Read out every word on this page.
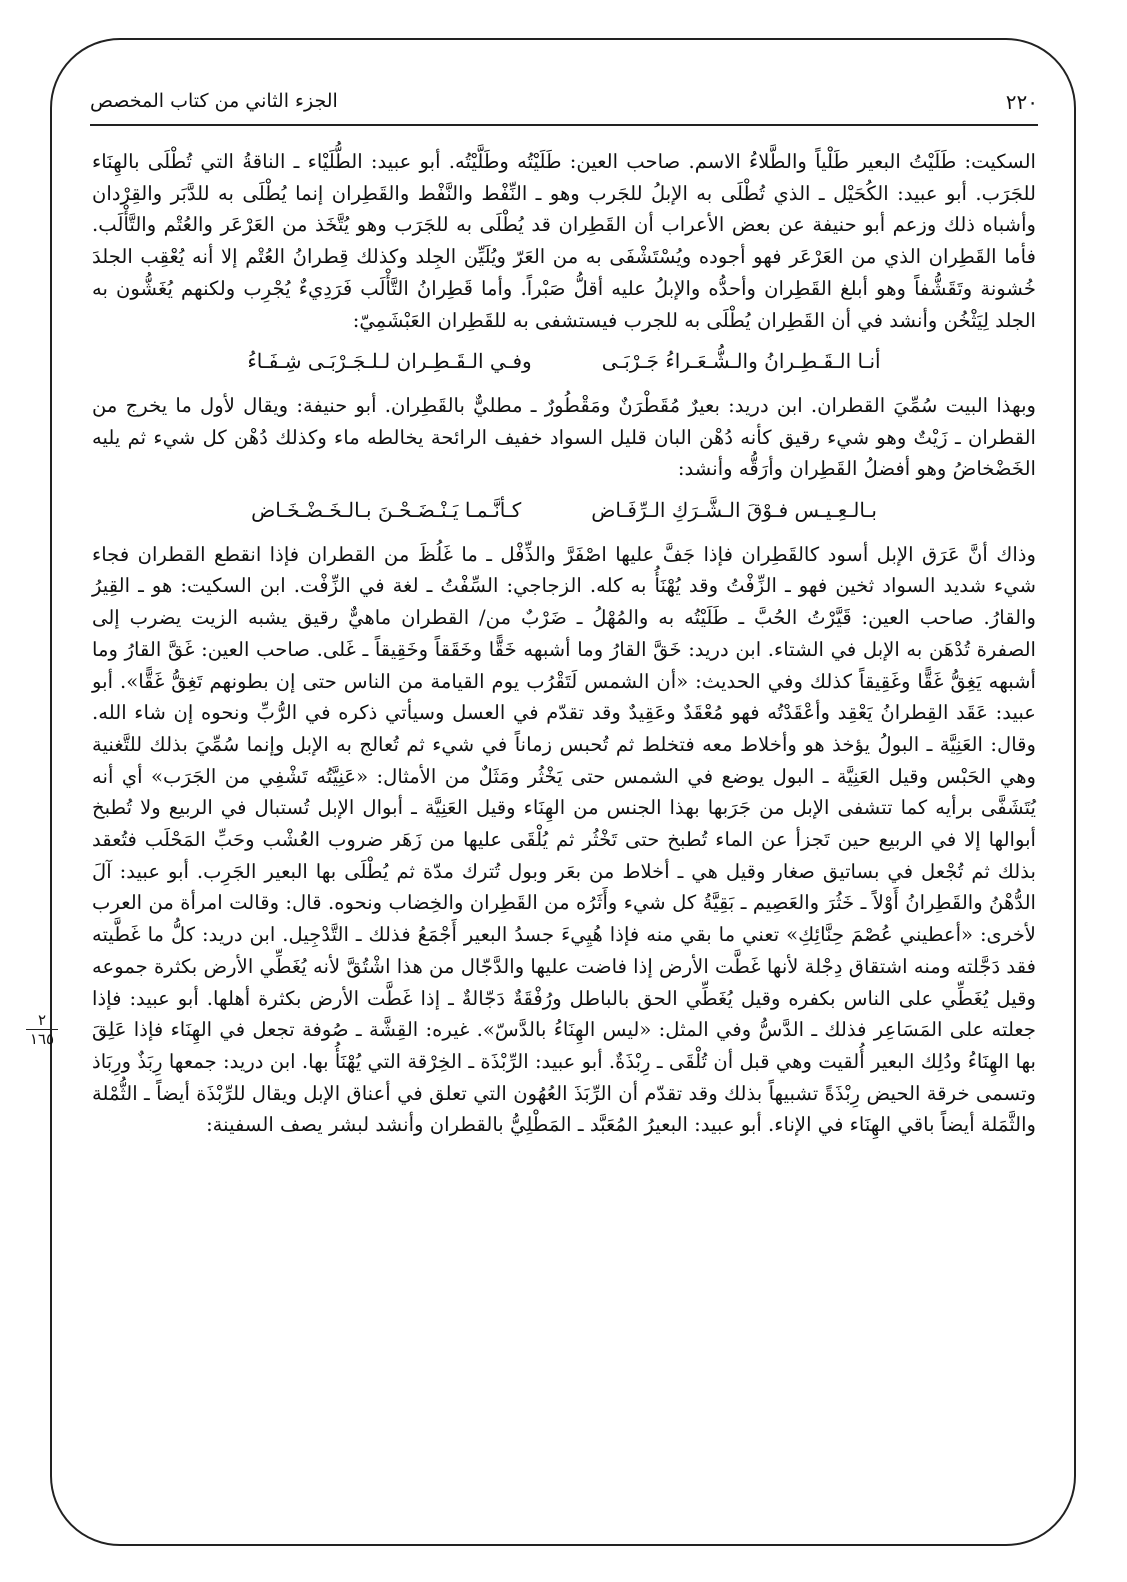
٢٢٠
الجزء الثاني من كتاب المخصص
٢
١٦٥

السكيت: طَلَيْتُ البعير طَلْياً والطَّلاءُ الاسم. صاحب العين: طَلَيْتُه وطَلَّيْتُه. أبو عبيد: الطُّلَيْاء ـ الناقةُ التي تُطْلَى بالهِنَاء للجَرَب. أبو عبيد: الكُحَيْل ـ الذي تُطْلَى به الإبلُ للجَرب وهو ـ النِّفْط والنَّفْط والقَطِران إنما يُطْلَى به للدَّبَر والقِرْدان وأشباه ذلك وزعم أبو حنيفة عن بعض الأعراب أن القَطِران قد يُطْلَى به للجَرَب وهو يُتَّخَذ من العَرْعَر والعُتْم والتَّأْلَب. فأما القَطِران الذي من العَرْعَر فهو أجوده ويُسْتَشْفَى به من العَرّ ويُلَيِّن الجِلد وكذلك قِطرانُ العُتْم إلا أنه يُعْقِب الجلدَ خُشونة وتَقَشُّفاً وهو أبلغ القَطِران وأحدُّه والإبلُ عليه أقلُّ صَبْراً. وأما قَطِرانُ التَّأْلَب فَرَدِيءٌ يُجْرِب ولكنهم يُغَشُّون به الجلد لِيَثْخُن وأنشد في أن القَطِران يُطْلَى به للجرب فيستشفى به للقَطِران العَبْشَمِيّ:

أنـا الـقَـطِـرانُ والـشُّـعَـراءُ جَـرْبَـى
وفـي الـقَـطِـران لـلـجَـرْبَـى شِـفَـاءُ

وبهذا البيت سُمِّيَ القطران. ابن دريد: بعيرٌ مُقَطْرَنٌ ومَقْطُورٌ ـ مطليٌّ بالقَطِران. أبو حنيفة: ويقال لأول ما يخرج من القطران ـ زَيْتٌ وهو شيء رقيق كأنه دُهْن البان قليل السواد خفيف الرائحة يخالطه ماء وكذلك دُهْن كل شيء ثم يليه الخَضْخاضُ وهو أفضلُ القَطِران وأرَقُّه وأنشد:

بـالـعِـيـس فـوْقَ الـشَّـرَكِ الـرِّفَـاض
كـأنَّـمـا يَـنْـضَـحْـنَ بـالـخَـضْـخَـاض

وذاك أنَّ عَرَق الإبل أسود كالقَطِران فإذا جَفَّ عليها اصْفَرَّ والذِّفْل ـ ما غَلُظَ من القطران فإذا انقطع القطران فجاء شيء شديد السواد ثخين فهو ـ الزِّفْتُ وقد يُهْنَأُ به كله. الزجاجي: السِّفْتُ ـ لغة في الزِّفْت. ابن السكيت: هو ـ القِيرُ والقارُ. صاحب العين: قَيَّرْتُ الحُبَّ ـ طَلَيْتُه به والمُهْلُ ـ ضَرْبٌ من/ القطران ماهيٌّ رقيق يشبه الزيت يضرب إلى الصفرة تُدْهَن به الإبل في الشتاء. ابن دريد: خَقَّ القارُ وما أشبهه خَقًّا وخَقَقاً وخَقِيقاً ـ غَلى. صاحب العين: غَقَّ القارُ وما أشبهه يَغِقُّ غَقًّا وغَقِيقاً كذلك وفي الحديث: «أن الشمس لَتَقْرُب يوم القيامة من الناس حتى إن بطونهم تَغِقُّ غَقًّا». أبو عبيد: عَقَد القِطرانُ يَعْقِد وأعْقَدْتُه فهو مُعْقَدٌ وعَقِيدٌ وقد تقدّم في العسل وسيأتي ذكره في الرُّبِّ ونحوه إن شاء الله. وقال: العَنِيَّة ـ البولُ يؤخذ هو وأخلاط معه فتخلط ثم تُحبس زماناً في شيء ثم تُعالج به الإبل وإنما سُمِّيَ بذلك للتَّغنية وهي الحَبْس وقيل العَنِيَّة ـ البول يوضع في الشمس حتى يَخْثُر ومَثَلٌ من الأمثال: «عَنِيَّتُه تَشْفِي من الجَرَب» أي أنه يُتَشَفَّى برأيه كما تتشفى الإبل من جَرَبها بهذا الجنس من الهِنَاء وقيل العَنِيَّة ـ أبوال الإبل تُستبال في الربيع ولا تُطبخ أبوالها إلا في الربيع حين تَجزأ عن الماء تُطبخ حتى تَخْثُر ثم يُلْقَى عليها من زَهَر ضروب العُشْب وحَبِّ المَحْلَب فتُعقد بذلك ثم تُجْعل في بساتيق صغار وقيل هي ـ أخلاط من بعَر وبول تُترك مدّة ثم يُطْلَى بها البعير الجَرِب. أبو عبيد: آلَ الدُّهْنُ والقَطِرانُ أَوْلاً ـ خَثُرَ والعَصِيم ـ بَقِيَّةُ كل شيء وأَثَرُه من القَطِران والخِضاب ونحوه. قال: وقالت امرأة من العرب لأخرى: «أعطيني عُصْمَ حِنَّائِكِ» تعني ما بقي منه فإذا هُيِيءَ جسدُ البعير أَجْمَعُ فذلك ـ التَّدْجِيل. ابن دريد: كلُّ ما غَطَّيته فقد دَجَّلته ومنه اشتقاق دِجْلة لأنها غَطَّت الأرض إذا فاضت عليها والدَّجّال من هذا اشْتُقَّ لأنه يُغَطِّي الأرض بكثرة جموعه وقيل يُغَطِّي على الناس بكفره وقيل يُغَطِّي الحق بالباطل ورُفْقَةٌ دَجّالةٌ ـ إذا غَطَّت الأرض بكثرة أهلها. أبو عبيد: فإذا جعلته على المَسَاعِر فذلك ـ الدَّسُّ وفي المثل: «ليس الهِنَاءُ بالدَّسّ». غيره: القِشَّة ـ صُوفة تجعل في الهِنَاء فإذا عَلِقَ بها الهِنَاءُ ودُلِك البعير أُلقيت وهي قبل أن تُلْقَى ـ رِبْذَةٌ. أبو عبيد: الرِّبْذَة ـ الخِرْقة التي يُهْنَأُ بها. ابن دريد: جمعها رِبَذٌ ورِبَاذ وتسمى خرقة الحيض رِبْذَةً تشبيهاً بذلك وقد تقدّم أن الرِّبَذَ العُهُون التي تعلق في أعناق الإبل ويقال للرِّبْذَة أيضاً ـ الثُّمْلة والثَّمَلة أيضاً باقي الهِنَاء في الإناء. أبو عبيد: البعيرُ المُعَبَّد ـ المَطْلِيُّ بالقطران وأنشد لبشر يصف السفينة:
